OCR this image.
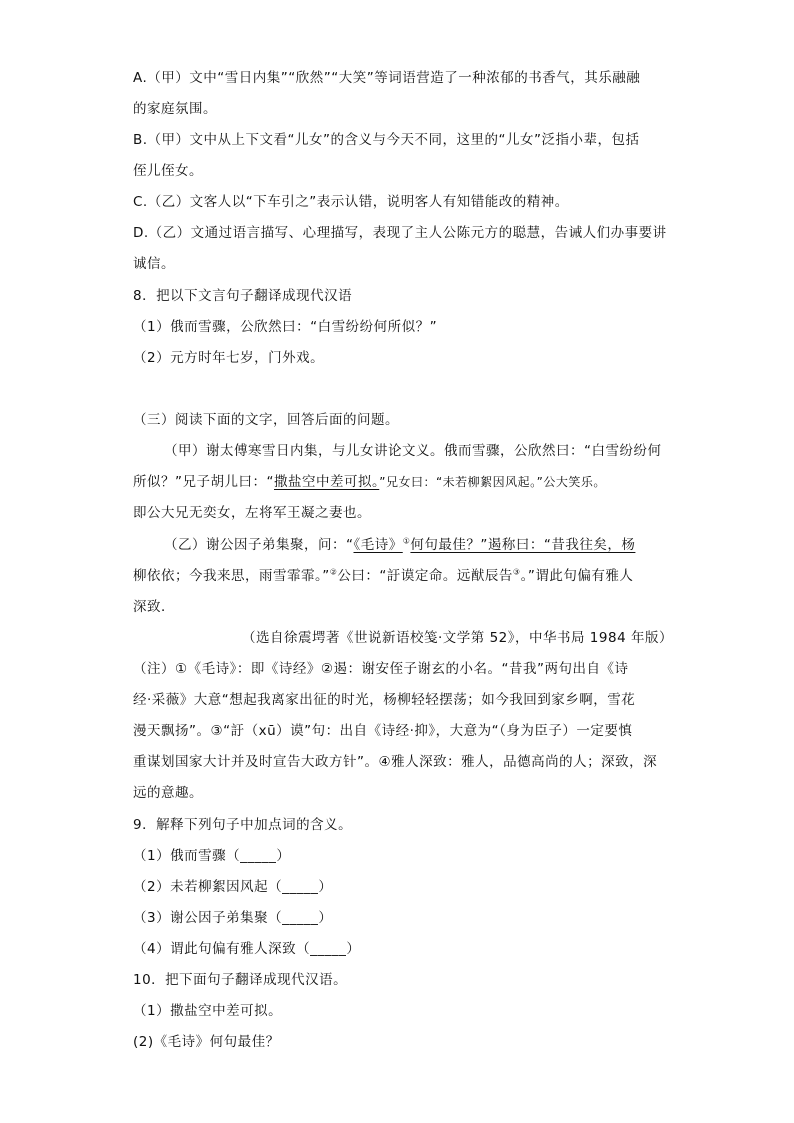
A.（甲）文中“雪日内集”“欣然”“大笑”等词语营造了一种浓郁的书香气，其乐融融
的家庭氛围。
B.（甲）文中从上下文看“儿女”的含义与今天不同，这里的“儿女”泛指小辈，包括
侄儿侄女。
C.（乙）文客人以“下车引之”表示认错，说明客人有知错能改的精神。
D.（乙）文通过语言描写、心理描写，表现了主人公陈元方的聪慧，告诫人们办事要讲
诚信。
8．把以下文言句子翻译成现代汉语
（1）俄而雪骤，公欣然曰：“白雪纷纷何所似？”
（2）元方时年七岁，门外戏。
（三）阅读下面的文字，回答后面的问题。
（甲）谢太傅寒雪日内集，与儿女讲论文义。俄而雪骤，公欣然曰：“白雪纷纷何
所似？”兄子胡儿曰：“撒盐空中差可拟。”兄女曰：“未若柳絮因风起。”公大笑乐。
即公大兄无奕女，左将军王凝之妻也。
（乙）谢公因子弟集聚，问：“《毛诗》①何句最佳？”遏称曰：“昔我往矣，杨
柳依依；今我来思，雨雪霏霏。”②公曰：“訏谟定命。远猷辰告③。”谓此句偏有雅人
深致．
（选自徐震堮著《世说新语校笺·文学第 52》，中华书局 1984 年版）
（注）①《毛诗》：即《诗经》②遏：谢安侄子谢玄的小名。“昔我”两句出自《诗
经·采薇》大意“想起我离家出征的时光，杨柳轻轻摆荡；如今我回到家乡啊，雪花
漫天飘扬”。③“訏（xū）谟”句：出自《诗经·抑》，大意为“（身为臣子）一定要慎
重谋划国家大计并及时宣告大政方针”。④雅人深致：雅人，品德高尚的人；深致，深
远的意趣。
9．解释下列句子中加点词的含义。
（1）俄而雪骤（_____）
（2）未若柳絮因风起（_____）
（3）谢公因子弟集聚（_____）
（4）谓此句偏有雅人深致（_____）
10．把下面句子翻译成现代汉语。
（1）撒盐空中差可拟。
(2)《毛诗》何句最佳？
